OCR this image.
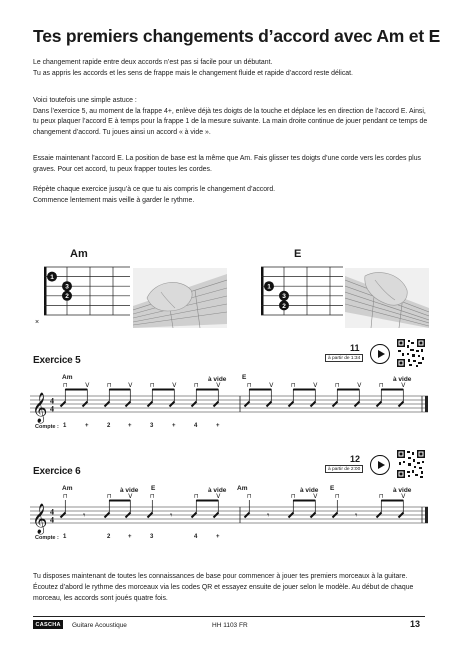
Tes premiers changements d’accord avec Am et E

Le changement rapide entre deux accords n’est pas si facile pour un débutant.

Tu as appris les accords et les sens de frappe mais le changement fluide et rapide d’accord reste délicat.

Voici toutefois une simple astuce :

Dans l’exercice 5, au moment de la frappe 4+, enlève déjà tes doigts de la touche et déplace les en direction de l’accord E. Ainsi, tu peux plaquer l’accord E à temps pour la frappe 1 de la mesure suivante. La main droite continue de jouer pendant ce temps de changement d’accord. Tu joues ainsi un accord « à vide ».

Essaie maintenant l’accord E. La position de base est la même que Am. Fais glisser tes doigts d’une corde vers les cordes plus graves. Pour cet accord, tu peux frapper toutes les cordes.

Répète chaque exercice jusqu’à ce que tu ais compris le changement d’accord.

Commence lentement mais veille à garder le rythme.

Am
1
3
2
×
E
1
3
2
Exercice 5
11
à partir de 1:34
Am	à vide E	à vide
𝄞 4
4
⊓	V	⊓	V	⊓	V	⊓	V	⊓	V	⊓	V	⊓	V	⊓	V
Compte : 1	+	2	+	3	+	4	+
Exercice 6
12
à partir de 2:00
Am	à vide E	à vide Am	à vide E	à vide
𝄞 4
4
⊓
𝄾
⊓	V	⊓
𝄾
⊓	V	⊓
𝄾
⊓	V	⊓
𝄾
⊓	V
Compte : 1	2	+	3	4	+

Tu disposes maintenant de toutes les connaissances de base pour commencer à jouer tes premiers morceaux à la guitare. Écoutez d’abord le rythme des morceaux via les codes QR et essayez ensuite de jouer selon le modèle. Au début de chaque morceau, les accords sont joués quatre fois.

CASCHA	Guitare Acoustique	HH 1103 FR	13
